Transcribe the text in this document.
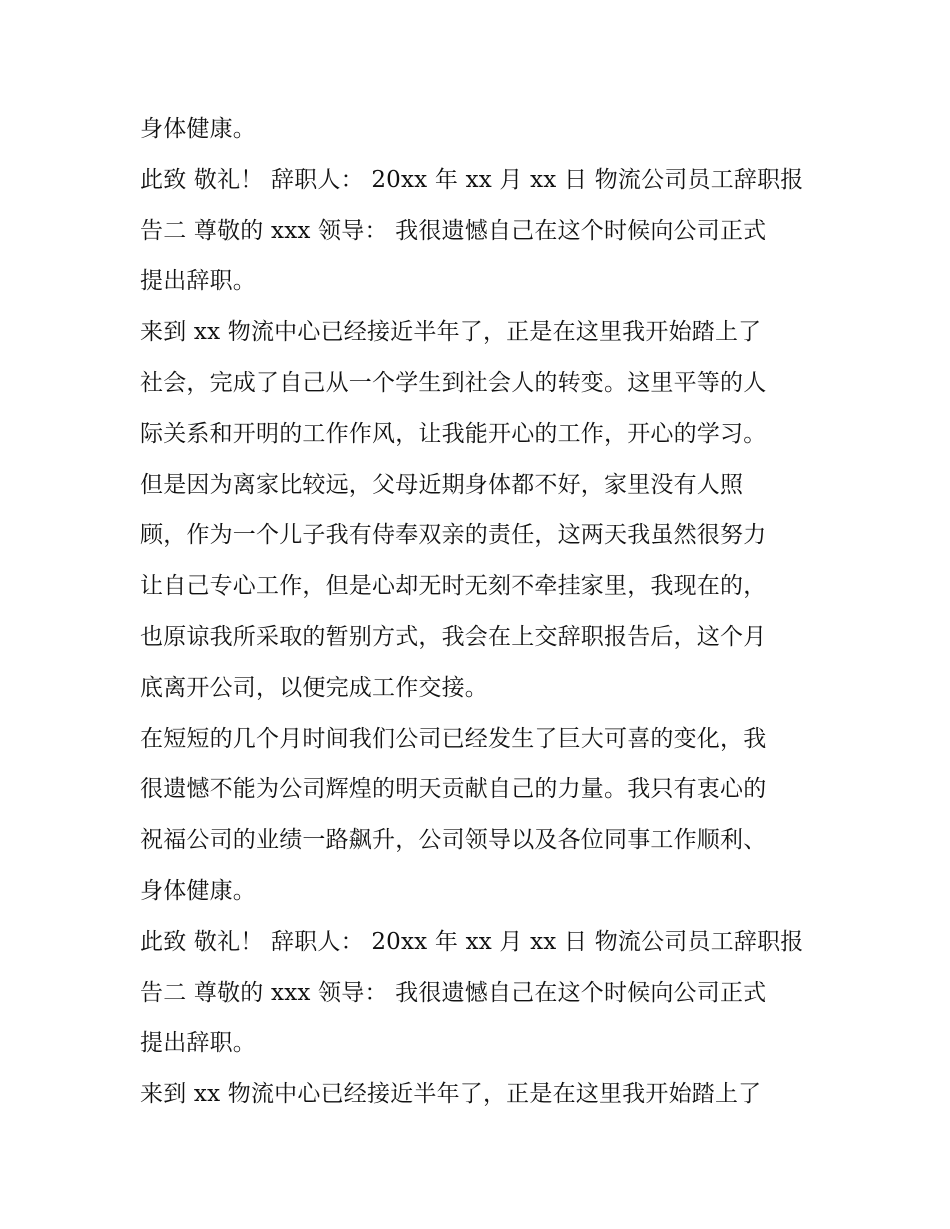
身体健康。
此致 敬礼！ 辞职人： 20xx 年 xx 月 xx 日 物流公司员工辞职报
告二 尊敬的 xxx 领导： 我很遗憾自己在这个时候向公司正式
提出辞职。
来到 xx 物流中心已经接近半年了，正是在这里我开始踏上了
社会，完成了自己从一个学生到社会人的转变。这里平等的人
际关系和开明的工作作风，让我能开心的工作，开心的学习。
但是因为离家比较远，父母近期身体都不好，家里没有人照
顾，作为一个儿子我有侍奉双亲的责任，这两天我虽然很努力
让自己专心工作，但是心却无时无刻不牵挂家里，我现在的，
也原谅我所采取的暂别方式，我会在上交辞职报告后，这个月
底离开公司，以便完成工作交接。
在短短的几个月时间我们公司已经发生了巨大可喜的变化，我
很遗憾不能为公司辉煌的明天贡献自己的力量。我只有衷心的
祝福公司的业绩一路飙升，公司领导以及各位同事工作顺利、
身体健康。
此致 敬礼！ 辞职人： 20xx 年 xx 月 xx 日 物流公司员工辞职报
告二 尊敬的 xxx 领导： 我很遗憾自己在这个时候向公司正式
提出辞职。
来到 xx 物流中心已经接近半年了，正是在这里我开始踏上了
